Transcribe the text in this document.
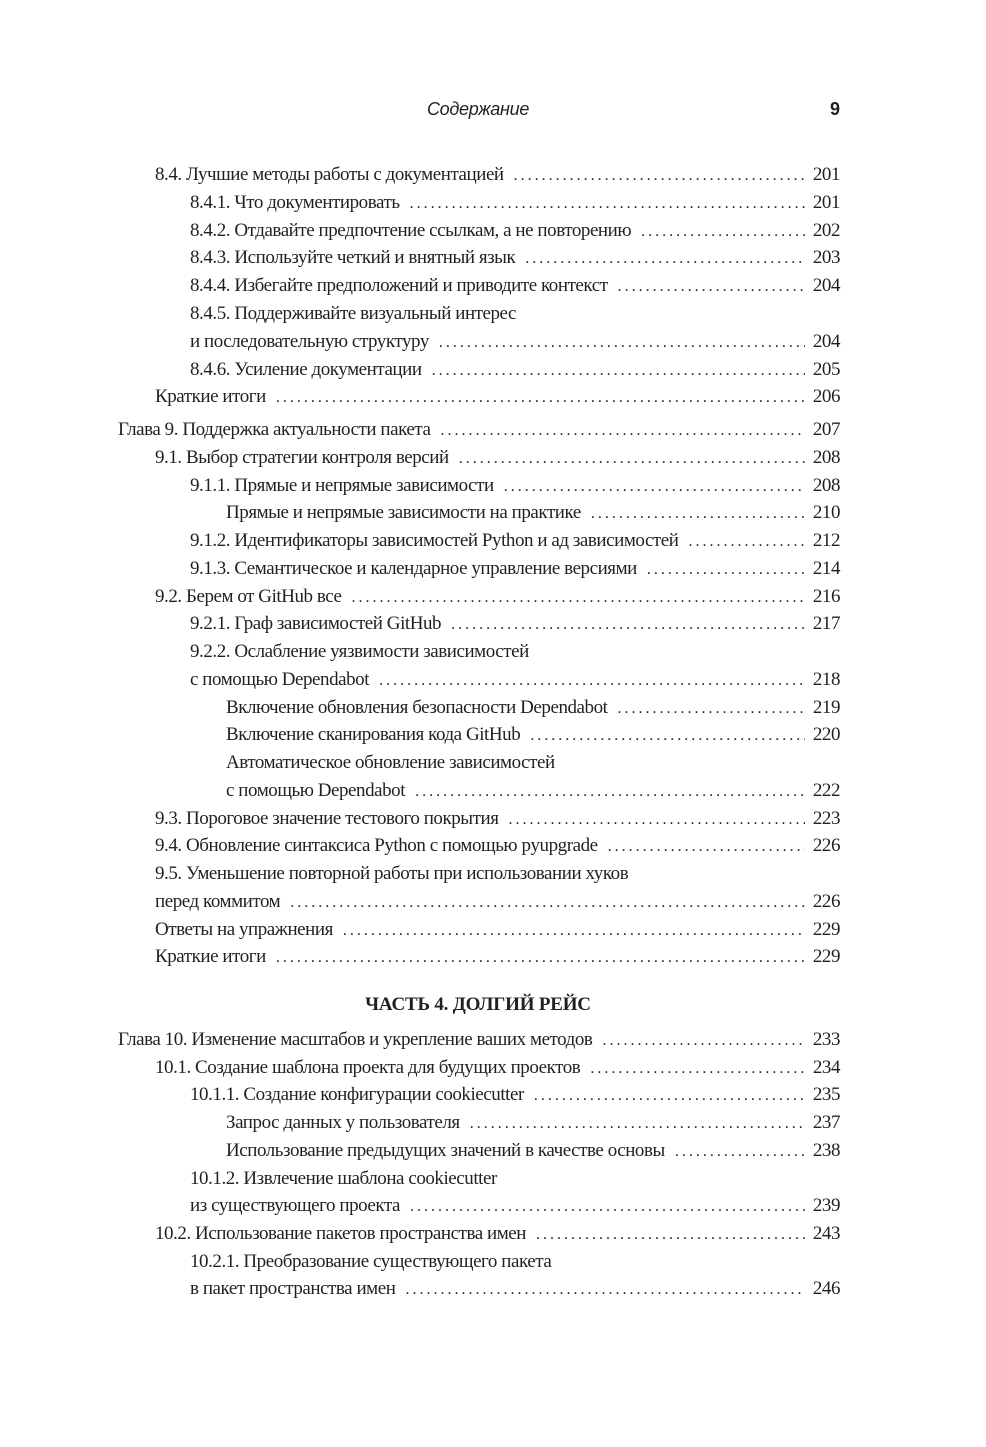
Содержание	9
8.4. Лучшие методы работы с документацией . . .	201
8.4.1. Что документировать . . .	201
8.4.2. Отдавайте предпочтение ссылкам, а не повторению . . .	202
8.4.3. Используйте четкий и внятный язык . . .	203
8.4.4. Избегайте предположений и приводите контекст . . .	204
8.4.5. Поддерживайте визуальный интерес
и последовательную структуру . . .	204
8.4.6. Усиление документации . . .	205
Краткие итоги . . .	206
Глава 9. Поддержка актуальности пакета . . .	207
9.1. Выбор стратегии контроля версий . . .	208
9.1.1. Прямые и непрямые зависимости . . .	208
Прямые и непрямые зависимости на практике . . .	210
9.1.2. Идентификаторы зависимостей Python и ад зависимостей . . .	212
9.1.3. Семантическое и календарное управление версиями . . .	214
9.2. Берем от GitHub все . . .	216
9.2.1. Граф зависимостей GitHub . . .	217
9.2.2. Ослабление уязвимости зависимостей
с помощью Dependabot . . .	218
Включение обновления безопасности Dependabot . . .	219
Включение сканирования кода GitHub . . .	220
Автоматическое обновление зависимостей
с помощью Dependabot . . .	222
9.3. Пороговое значение тестового покрытия . . .	223
9.4. Обновление синтаксиса Python с помощью pyupgrade . . .	226
9.5. Уменьшение повторной работы при использовании хуков
перед коммитом . . .	226
Ответы на упражнения . . .	229
Краткие итоги . . .	229
ЧАСТЬ 4. ДОЛГИЙ РЕЙС
Глава 10. Изменение масштабов и укрепление ваших методов . . .	233
10.1. Создание шаблона проекта для будущих проектов . . .	234
10.1.1. Создание конфигурации cookiecutter . . .	235
Запрос данных у пользователя . . .	237
Использование предыдущих значений в качестве основы . . .	238
10.1.2. Извлечение шаблона cookiecutter
из существующего проекта . . .	239
10.2. Использование пакетов пространства имен . . .	243
10.2.1. Преобразование существующего пакета
в пакет пространства имен . . .	246
